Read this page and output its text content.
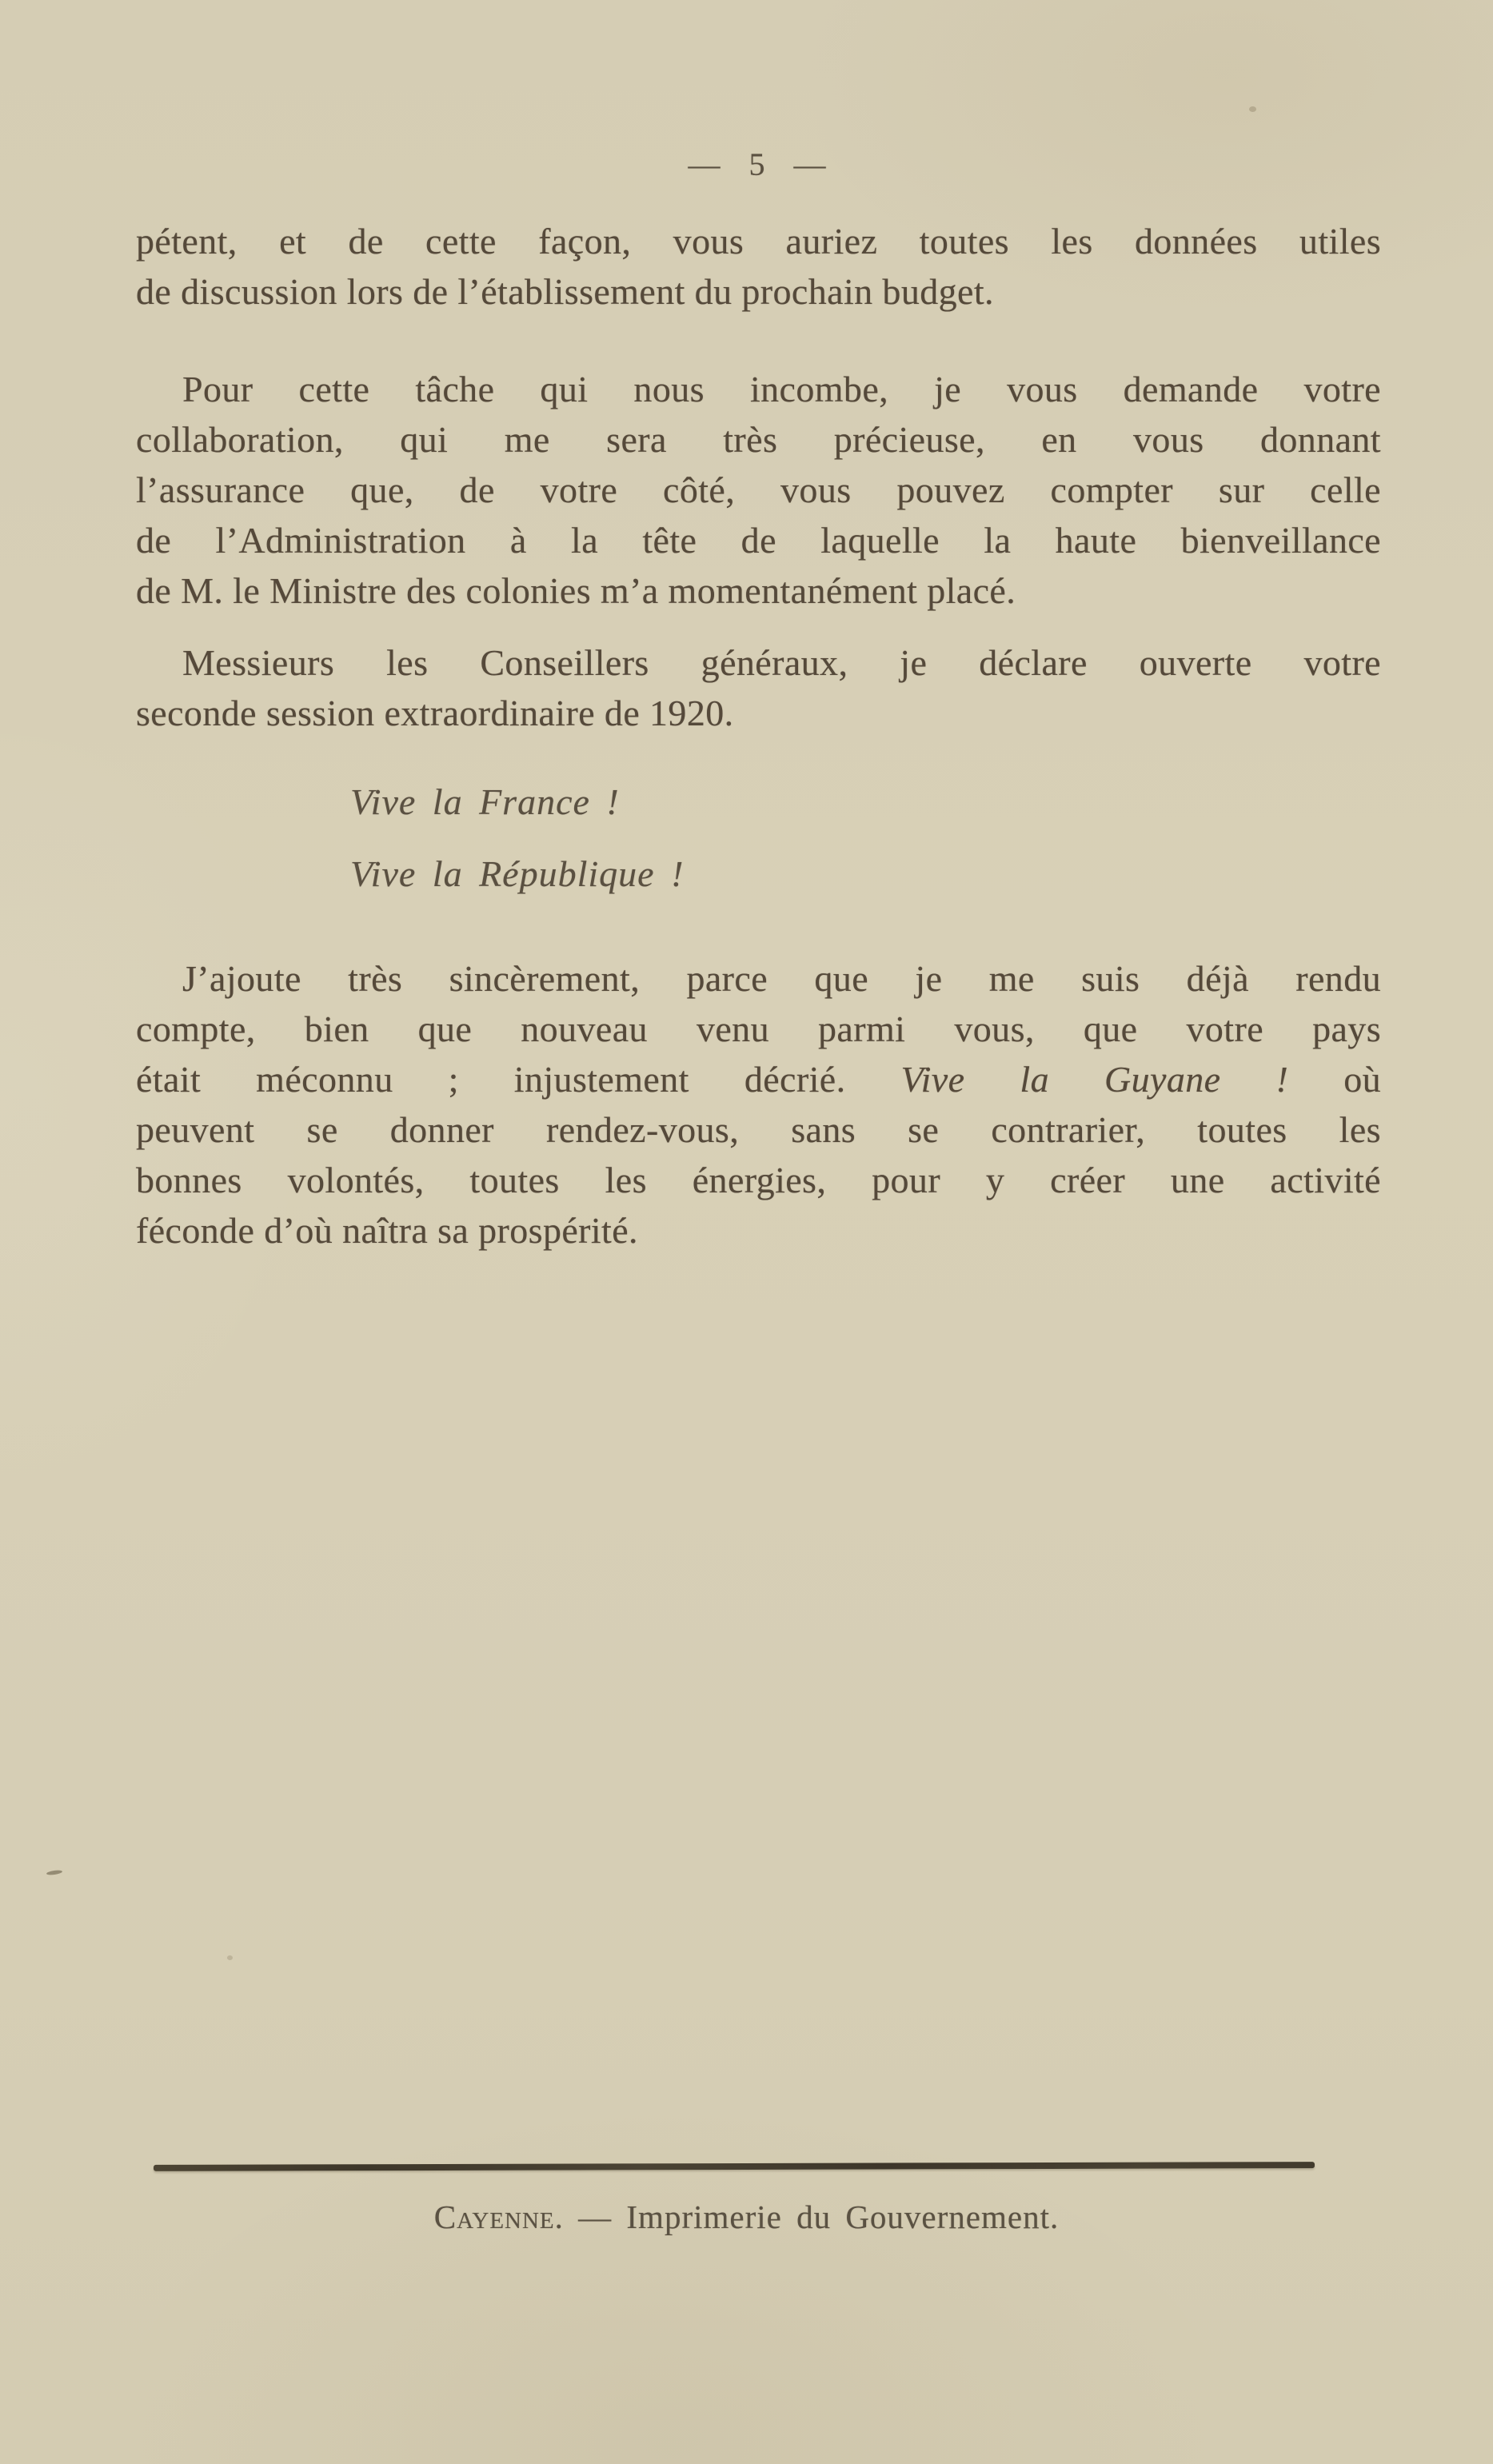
— 5 —
pétent, et de cette façon, vous auriez toutes les données utiles
de discussion lors de l’établissement du prochain budget.
Pour cette tâche qui nous incombe, je vous demande votre
collaboration, qui me sera très précieuse, en vous donnant
l’assurance que, de votre côté, vous pouvez compter sur celle
de l’Administration à la tête de laquelle la haute bienveillance
de M. le Ministre des colonies m’a momentanément placé.
Messieurs les Conseillers généraux, je déclare ouverte votre
seconde session extraordinaire de 1920.
Vive la France !
Vive la République !
J’ajoute très sincèrement, parce que je me suis déjà rendu
compte, bien que nouveau venu parmi vous, que votre pays
était méconnu ; injustement décrié. Vive la Guyane ! où
peuvent se donner rendez-vous, sans se contrarier, toutes les
bonnes volontés, toutes les énergies, pour y créer une activité
féconde d’où naîtra sa prospérité.
Cayenne. — Imprimerie du Gouvernement.
